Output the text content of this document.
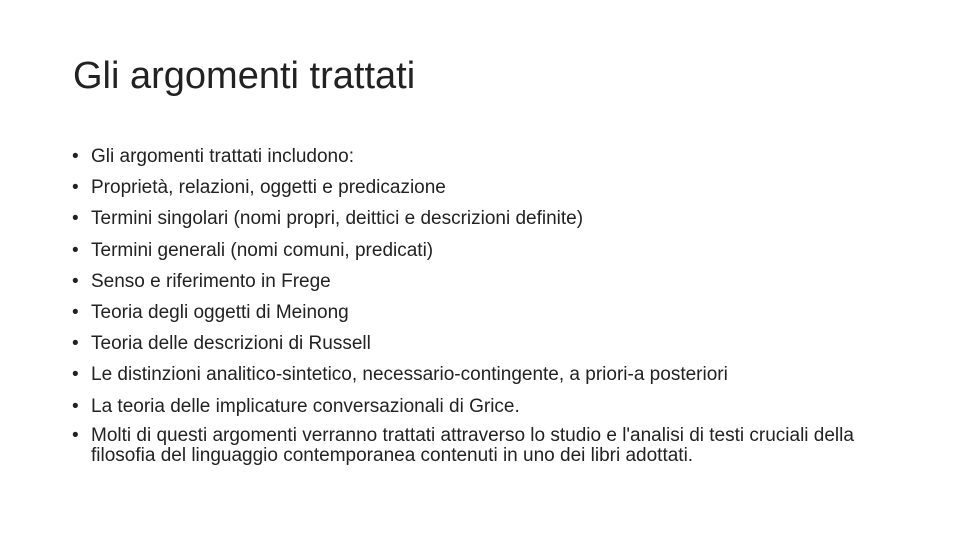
Gli argomenti trattati
• Gli argomenti trattati includono:
• Proprietà, relazioni, oggetti e predicazione
• Termini singolari (nomi propri, deittici e descrizioni definite)
• Termini generali (nomi comuni, predicati)
• Senso e riferimento in Frege
• Teoria degli oggetti di Meinong
• Teoria delle descrizioni di Russell
• Le distinzioni analitico-sintetico, necessario-contingente, a priori-a posteriori
• La teoria delle implicature conversazionali di Grice.
• Molti di questi argomenti verranno trattati attraverso lo studio e l'analisi di testi cruciali della filosofia del linguaggio contemporanea contenuti in uno dei libri adottati.
